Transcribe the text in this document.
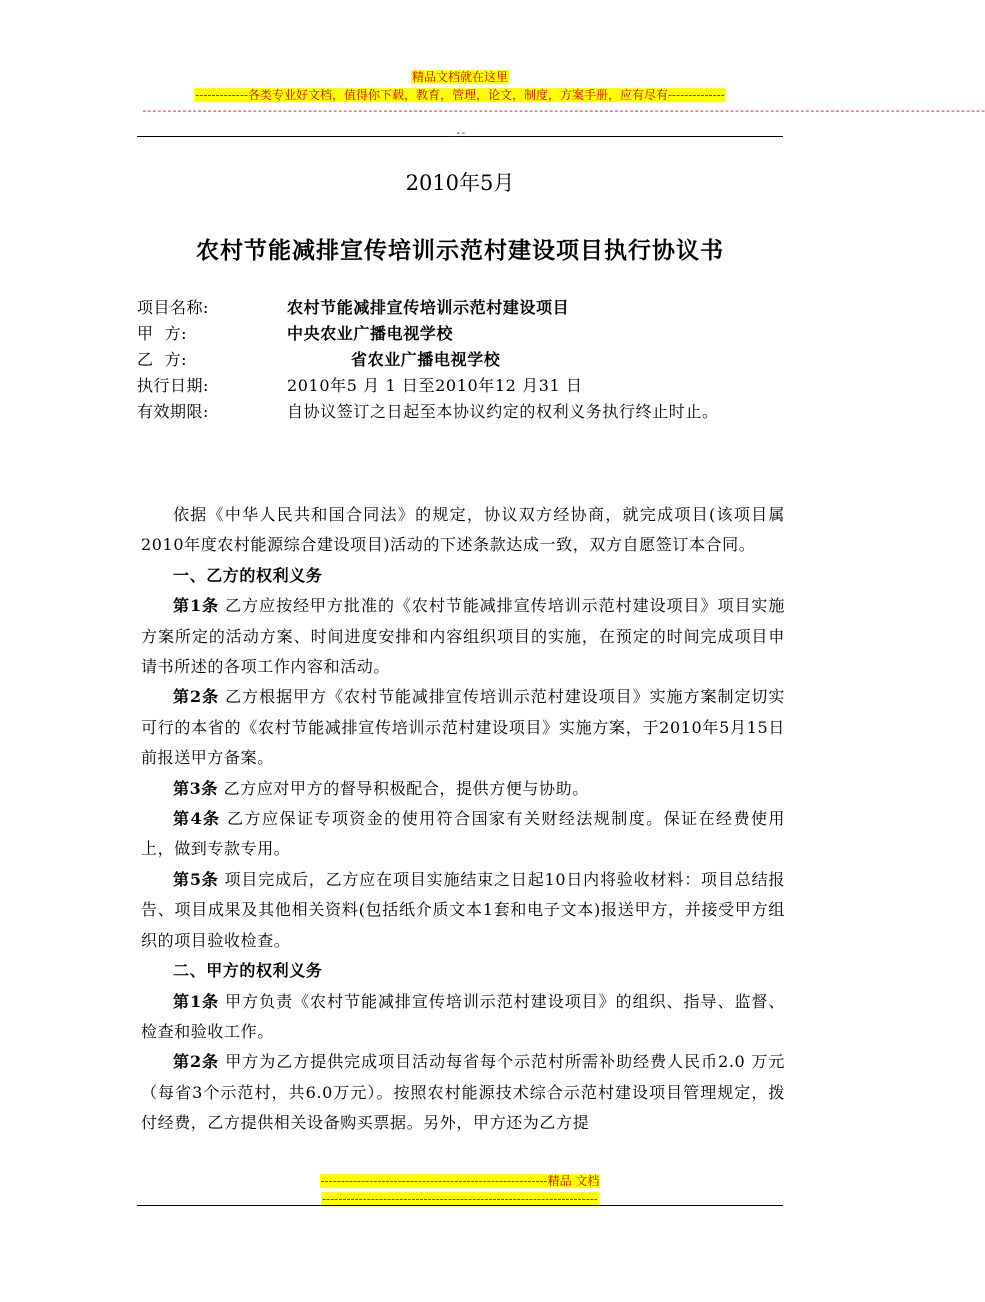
精品文档就在这里
-------------各类专业好文档，值得你下载，教育，管理，论文，制度，方案手册，应有尽有--------------
------------------------------------------------------------------------------------------------------------------------------------------------------------------------
--
2010年5月
农村节能减排宣传培训示范村建设项目执行协议书
项目名称:	农村节能减排宣传培训示范村建设项目
甲  方:	中央农业广播电视学校
乙  方:	省农业广播电视学校
执行日期:	2010年5 月 1 日至2010年12 月31 日
有效期限:	自协议签订之日起至本协议约定的权利义务执行终止时止。

依据《中华人民共和国合同法》的规定，协议双方经协商，就完成项目(该项目属2010年度农村能源综合建设项目)活动的下述条款达成一致，双方自愿签订本合同。

一、乙方的权利义务

第1条 乙方应按经甲方批准的《农村节能减排宣传培训示范村建设项目》项目实施方案所定的活动方案、时间进度安排和内容组织项目的实施，在预定的时间完成项目申请书所述的各项工作内容和活动。

第2条 乙方根据甲方《农村节能减排宣传培训示范村建设项目》实施方案制定切实可行的本省的《农村节能减排宣传培训示范村建设项目》实施方案，于2010年5月15日前报送甲方备案。

第3条 乙方应对甲方的督导积极配合，提供方便与协助。

第4条 乙方应保证专项资金的使用符合国家有关财经法规制度。保证在经费使用上，做到专款专用。

第5条 项目完成后，乙方应在项目实施结束之日起10日内将验收材料：项目总结报告、项目成果及其他相关资料(包括纸介质文本1套和电子文本)报送甲方，并接受甲方组织的项目验收检查。

二、甲方的权利义务

第1条 甲方负责《农村节能减排宣传培训示范村建设项目》的组织、指导、监督、检查和验收工作。

第2条 甲方为乙方提供完成项目活动每省每个示范村所需补助经费人民币2.0 万元（每省3个示范村，共6.0万元）。按照农村能源技术综合示范村建设项目管理规定，拨付经费，乙方提供相关设备购买票据。另外，甲方还为乙方提

--------------------------------------------------------精品 文档
--------------------------------------------------------------------
